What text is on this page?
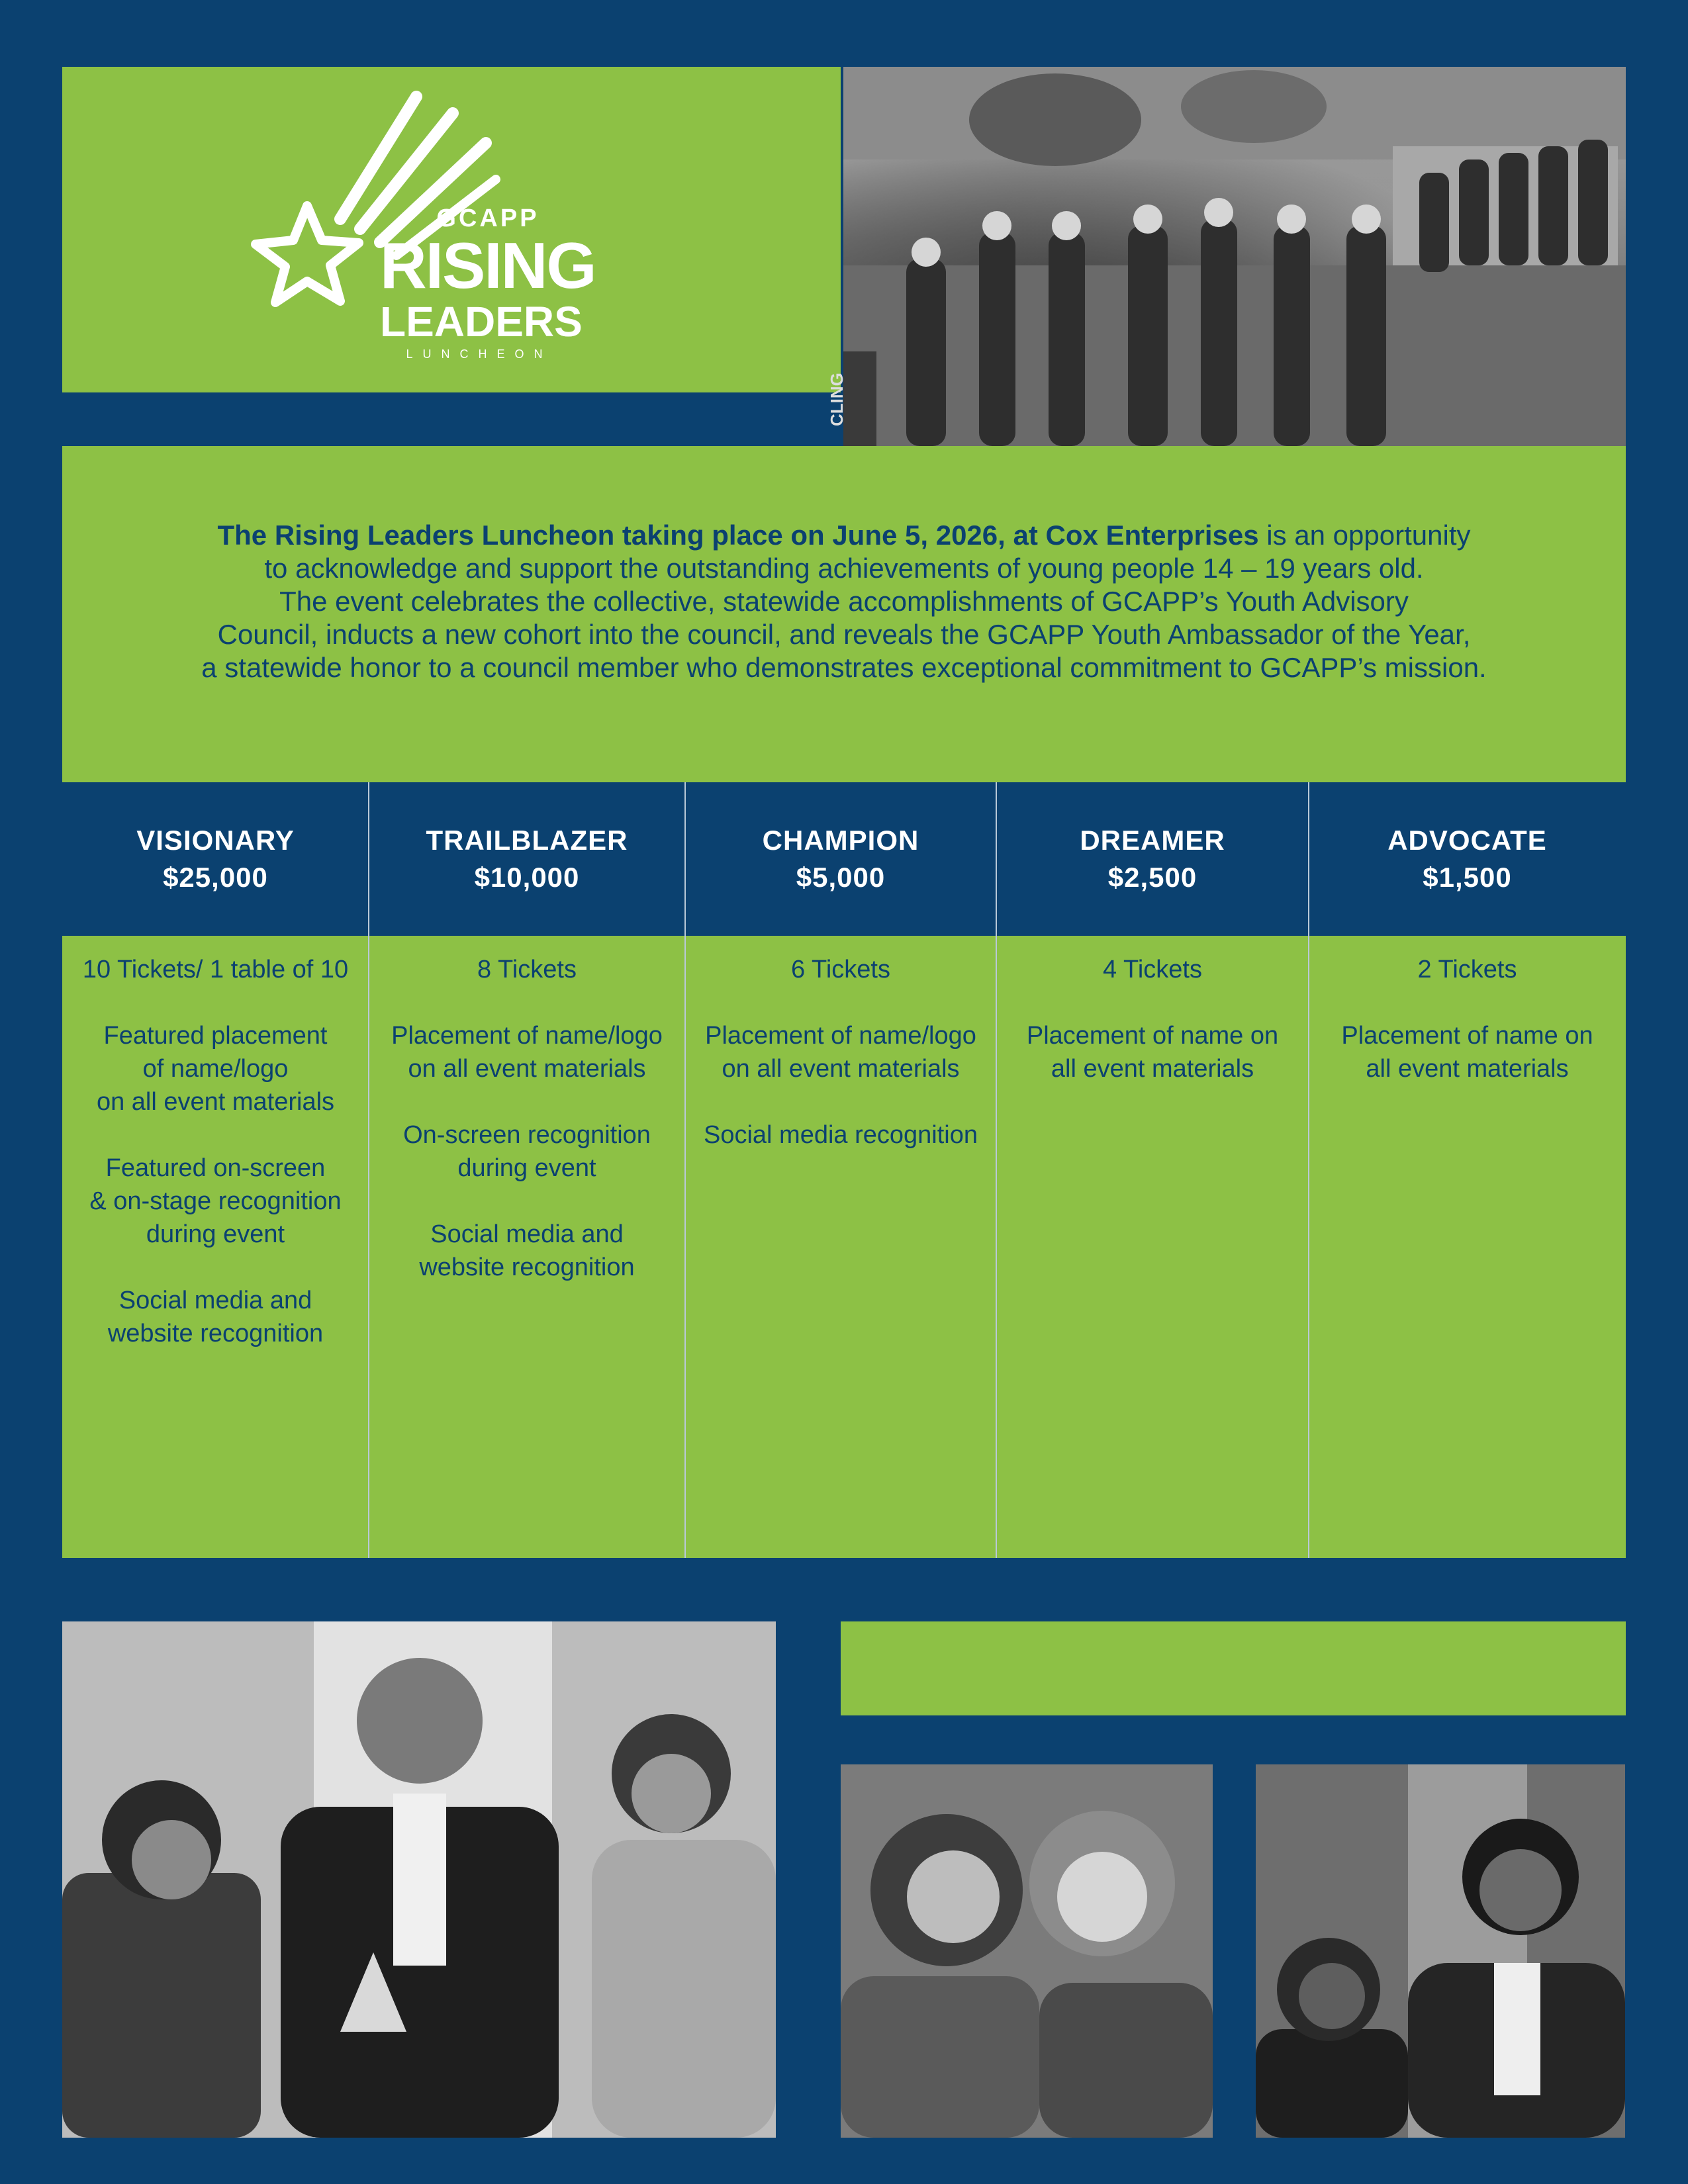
GCAPP
RISING
LEADERS
LUNCHEON
CLING
The Rising Leaders Luncheon taking place on June 5, 2026, at Cox Enterprises is an opportunity
to acknowledge and support the outstanding achievements of young people 14 – 19 years old.
The event celebrates the collective, statewide accomplishments of GCAPP’s Youth Advisory
Council, inducts a new cohort into the council, and reveals the GCAPP Youth Ambassador of the Year,
a statewide honor to a council member who demonstrates exceptional commitment to GCAPP’s mission.
VISIONARY
$25,000

10 Tickets/ 1 table of 10

Featured placement
of name/logo
on all event materials

Featured on-screen
& on-stage recognition
during event

Social media and
website recognition

TRAILBLAZER
$10,000

8 Tickets

Placement of name/logo
on all event materials

On-screen recognition
during event

Social media and
website recognition

CHAMPION
$5,000

6 Tickets

Placement of name/logo
on all event materials

Social media recognition

DREAMER
$2,500

4 Tickets

Placement of name on
all event materials

ADVOCATE
$1,500

2 Tickets

Placement of name on
all event materials
